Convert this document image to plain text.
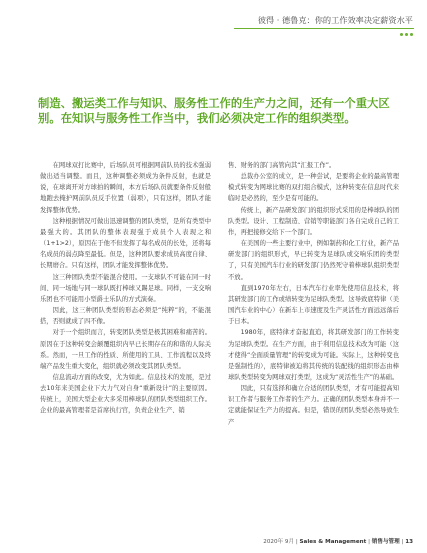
彼得 · 德鲁克：你的工作效率决定薪资水平
制造、搬运类工作与知识、服务性工作的生产力之间，还有一个重大区别。在知识与服务性工作当中，我们必须决定工作的组织类型。

在网球双打比赛中，后场队员可根据网前队员的技术强弱做出适当调整。而且，这种调整必须成为条件反射，也就是说，在球离开对方球拍的瞬间，本方后场队员就要条件反射般地跑去掩护网前队员反手位置（弱项），只有这样，团队才能发挥整体优势。

这种根据情况可做出迅速调整的团队类型，是所有类型中最强大的。其团队的整体表现强于成员个人表现之和（1+1>2），原因在于他不但发挥了每名成员的长处，还将每名成员的弱点降至最低。但是，这种团队要求成员高度自律、长期磨合。只有这样，团队才能发挥整体优势。

这三种团队类型不能混合使用。一支球队不可能在同一时间、同一场地与同一球队既打棒球又踢足球。同样，一支交响乐团也不可能用小型爵士乐队的方式演奏。

因此，这三种团队类型的形态必须是“纯粹”的，不能混搭，否则就成了四不像。

对于一个组织而言，转变团队类型是极其困难和痛苦的。原因在于这种转变会颠覆组织内早已长期存在的和谐的人际关系。然而，一旦工作的性质、所使用的工具、工作流程以及终端产品发生重大变化，组织就必须改变其团队类型。

信息流动方面的改变，尤为如此。信息技术的发展，是过去10年来美国企业下大力气对自身“重新设计”的主要原因。传统上，美国大型企业大多采用棒球队的团队类型组织工作。企业的最高管理者是首席执行官，负责企业生产、销

售、财务的部门高管向其“汇报工作”。

总裁办公室的成立，是一种尝试，是要将企业的最高管理模式转变为网球比赛的双打组合模式，这种转变在信息时代来临时是必然的，至少是有可能的。

传统上，新产品研发部门的组织形式采用的是棒球队的团队类型。设计、工程制造、营销等职能部门各自完成自己的工作，再把接修交给下一个部门。

在美国的一些主要行业中，例如制药和化工行业，新产品研发部门的组织形式，早已转变为足球队或交响乐团的类型了，只有美国汽车行业的研发部门仍然死守着棒球队组织类型不放。

直到1970年左右，日本汽车行业率先使用信息技术，将其研发部门的工作或绩转变为足球队类型。这导致底特律（美国汽车业的中心）在新车上市速度及生产灵活性方面远远落后于日本。

1980年，底特律才奋起直追，将其研发部门的工作转变为足球队类型。在生产方面，由于利用信息技术改为可能（这才使得“全面质量管理”的转变成为可能。实际上，这种转变也是强制性的），底特律被迫将其传统的装配线的组织形态由棒球队类型转变为网球双打类型，这成为“灵活性生产”的基础。

因此，只有选择和确立合适的团队类型，才有可能提高知识工作者与服务工作者的生产力。正确的团队类型本身并不一定就能保证生产力的提高。但是，错误的团队类型必然导致生产

2020年 9月 | Sales & Management | 销售与管理 | 13
